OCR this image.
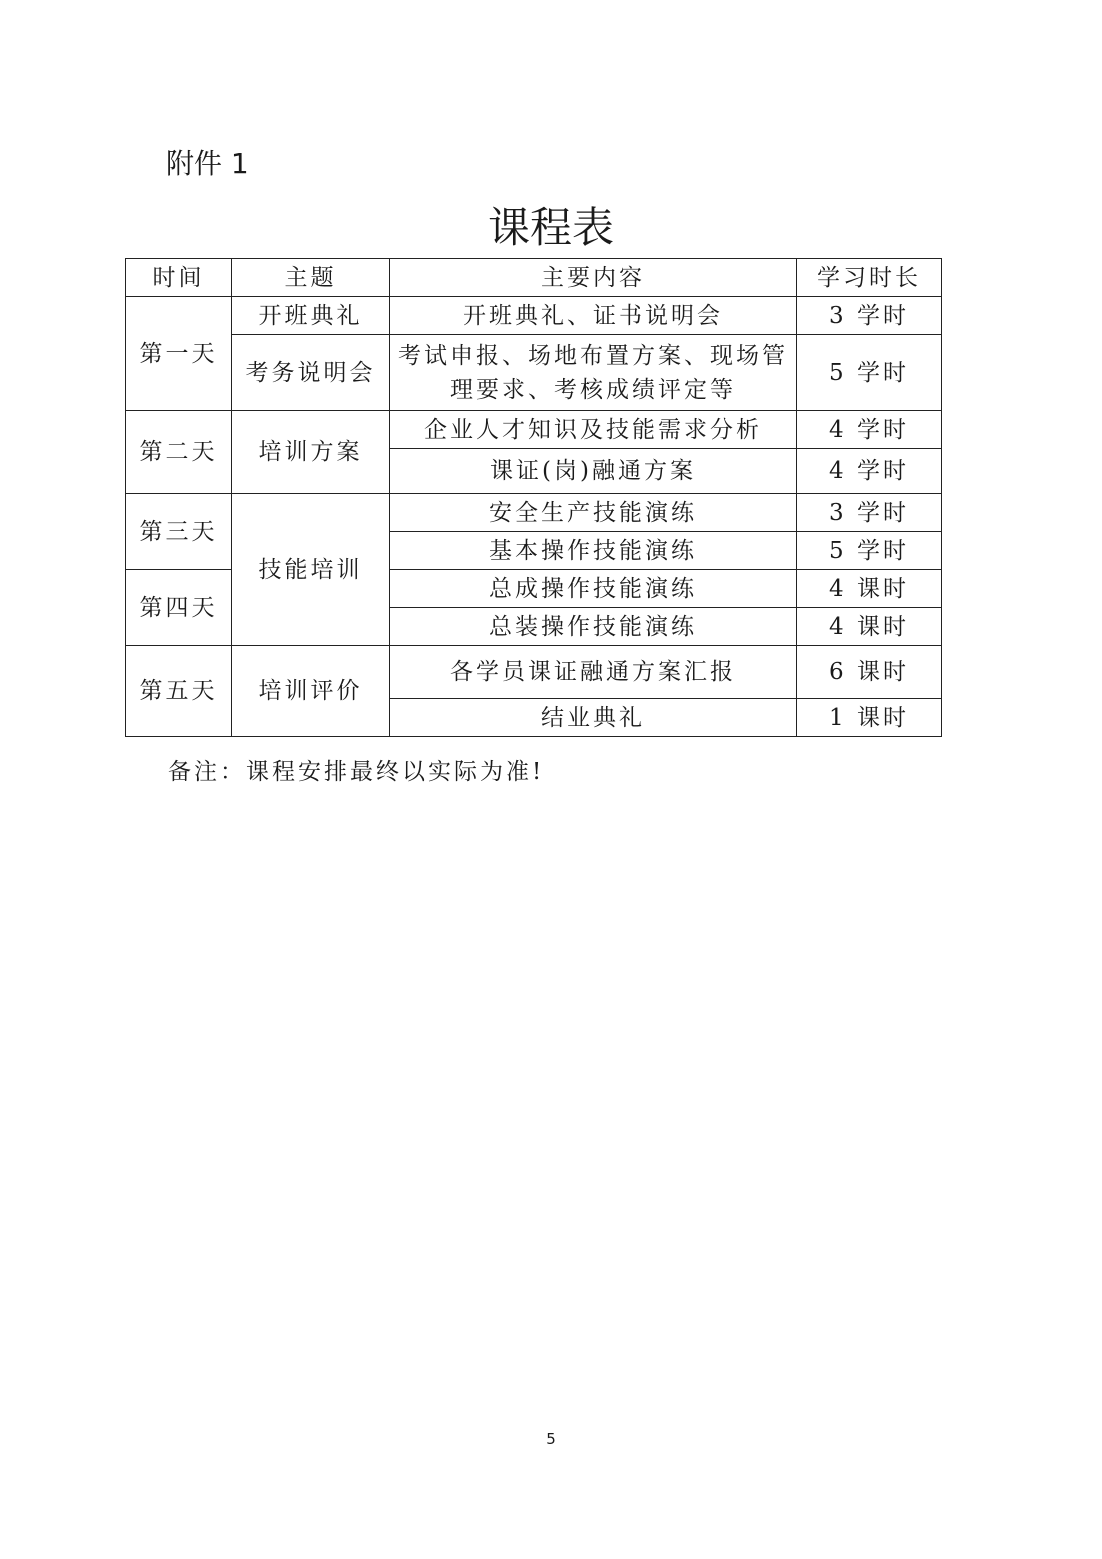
附件 1
课程表
时间	主题	主要内容	学习时长
第一天	开班典礼	开班典礼、证书说明会	3 学时
	考务说明会	考试申报、场地布置方案、现场管理要求、考核成绩评定等	5 学时
第二天	培训方案	企业人才知识及技能需求分析	4 学时
		课证(岗)融通方案	4 学时
第三天	技能培训	安全生产技能演练	3 学时
		基本操作技能演练	5 学时
第四天		总成操作技能演练	4 课时
		总装操作技能演练	4 课时
第五天	培训评价	各学员课证融通方案汇报	6 课时
		结业典礼	1 课时
备注：课程安排最终以实际为准!
5
